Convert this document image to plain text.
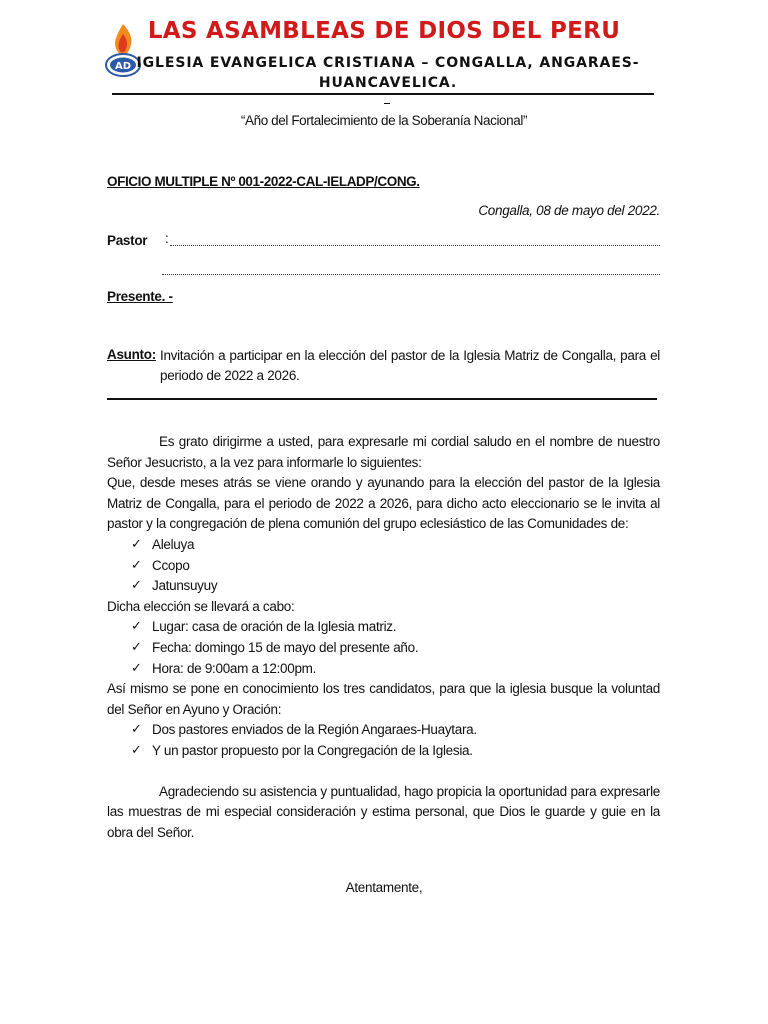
AD
LAS ASAMBLEAS DE DIOS DEL PERU
IGLESIA EVANGELICA CRISTIANA – CONGALLA, ANGARAES-
HUANCAVELICA.
“Año del Fortalecimiento de la Soberanía Nacional”
OFICIO MULTIPLE Nº 001-2022-CAL-IELADP/CONG.
Congalla, 08 de mayo del 2022.
Pastor :
Presente. -
Asunto: Invitación a participar en la elección del pastor de la Iglesia Matriz de Congalla, para el periodo de 2022 a 2026.

Es grato dirigirme a usted, para expresarle mi cordial saludo en el nombre de nuestro Señor Jesucristo, a la vez para informarle lo siguientes:

Que, desde meses atrás se viene orando y ayunando para la elección del pastor de la Iglesia Matriz de Congalla, para el periodo de 2022 a 2026, para dicho acto eleccionario se le invita al pastor y la congregación de plena comunión del grupo eclesiástico de las Comunidades de:

✓ Aleluya
✓ Ccopo
✓ Jatunsuyuy

Dicha elección se llevará a cabo:

✓ Lugar: casa de oración de la Iglesia matriz.
✓ Fecha: domingo 15 de mayo del presente año.
✓ Hora: de 9:00am a 12:00pm.

Así mismo se pone en conocimiento los tres candidatos, para que la iglesia busque la voluntad del Señor en Ayuno y Oración:

✓ Dos pastores enviados de la Región Angaraes-Huaytara.
✓ Y un pastor propuesto por la Congregación de la Iglesia.

Agradeciendo su asistencia y puntualidad, hago propicia la oportunidad para expresarle las muestras de mi especial consideración y estima personal, que Dios le guarde y guie en la obra del Señor.

Atentamente,
